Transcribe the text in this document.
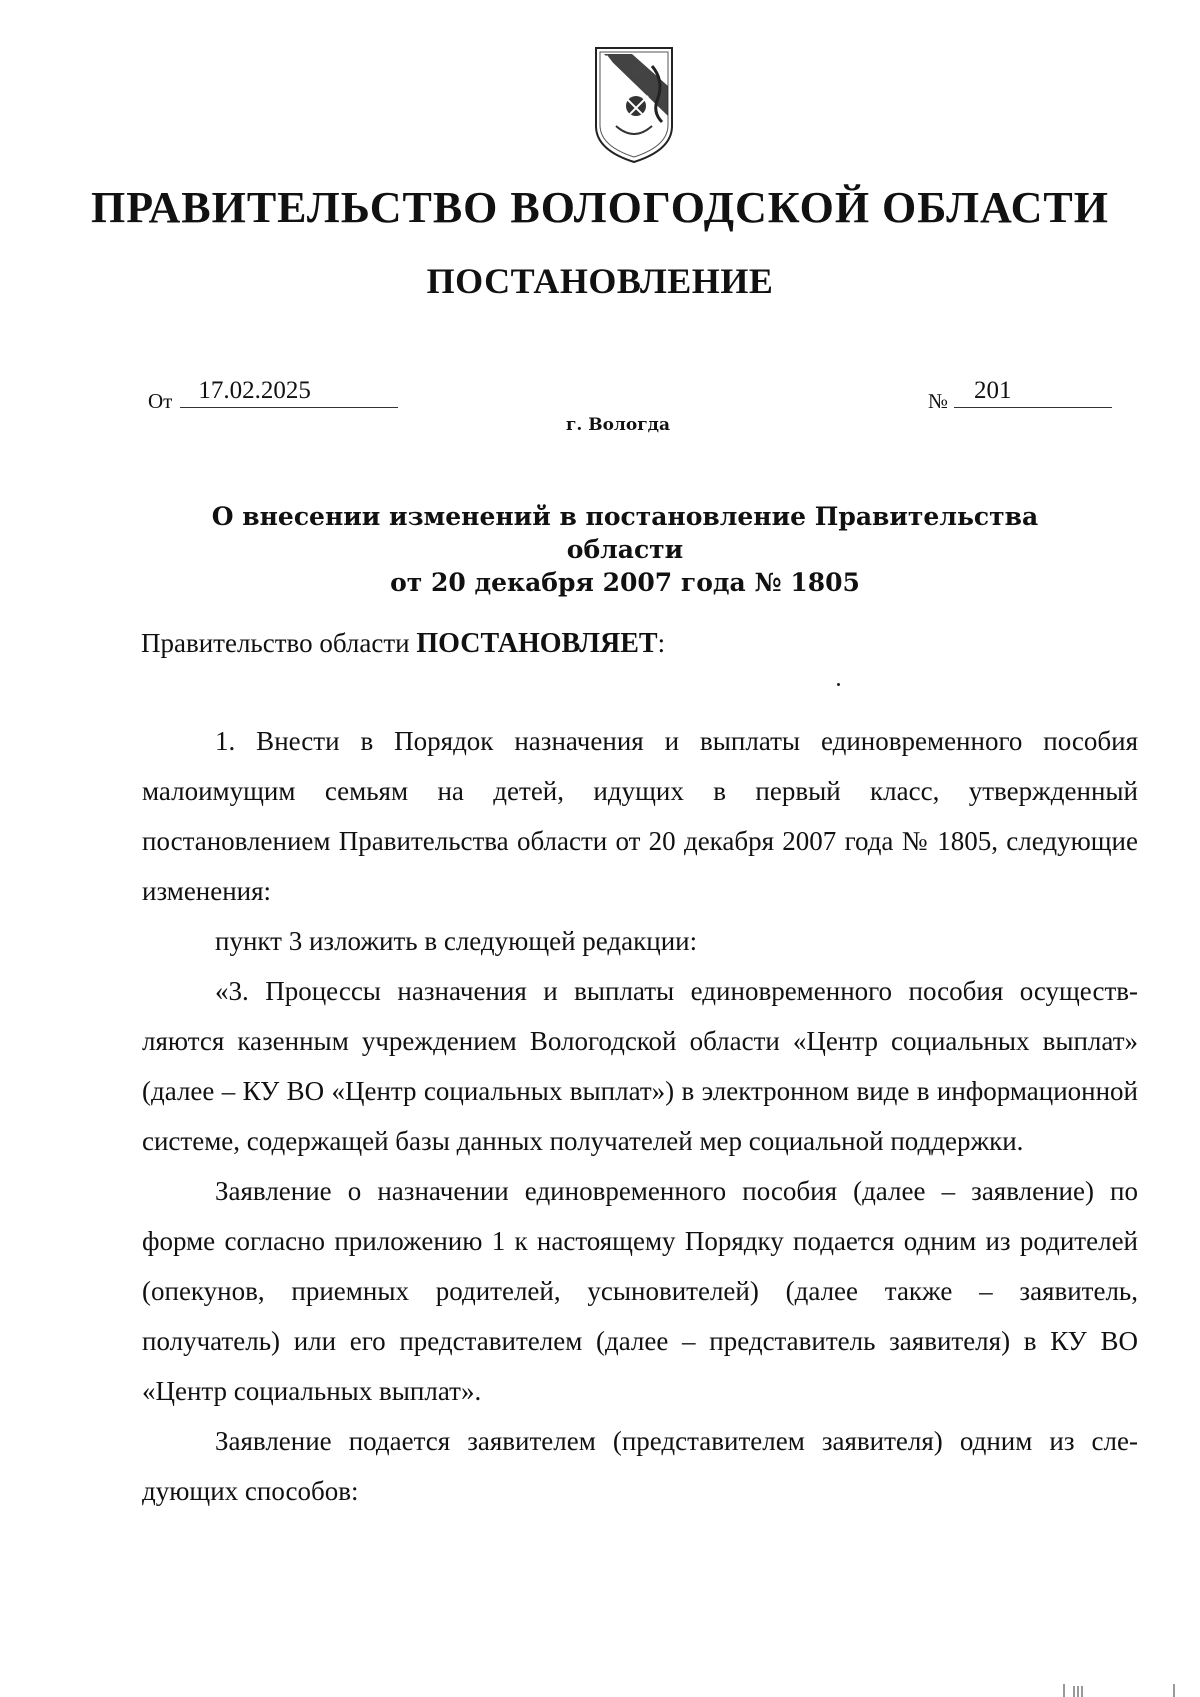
ПРАВИТЕЛЬСТВО ВОЛОГОДСКОЙ ОБЛАСТИ
ПОСТАНОВЛЕНИЕ
От 17.02.2025	№ 201
г. Вологда
О внесении изменений в постановление Правительства области
от 20 декабря 2007 года № 1805
Правительство области ПОСТАНОВЛЯЕТ:

1. Внести в Порядок назначения и выплаты единовременного пособия малоимущим семьям на детей, идущих в первый класс, утвержденный постановлением Правительства области от 20 декабря 2007 года № 1805, следующие изменения:

пункт 3 изложить в следующей редакции:

«3. Процессы назначения и выплаты единовременного пособия осуществляются казенным учреждением Вологодской области «Центр социальных выплат» (далее – КУ ВО «Центр социальных выплат») в электронном виде в информационной системе, содержащей базы данных получателей мер социальной поддержки.

Заявление о назначении единовременного пособия (далее – заявление) по форме согласно приложению 1 к настоящему Порядку подается одним из родителей (опекунов, приемных родителей, усыновителей) (далее также – заявитель, получатель) или его представителем (далее – представитель заявителя) в КУ ВО «Центр социальных выплат».

Заявление подается заявителем (представителем заявителя) одним из следующих способов:
